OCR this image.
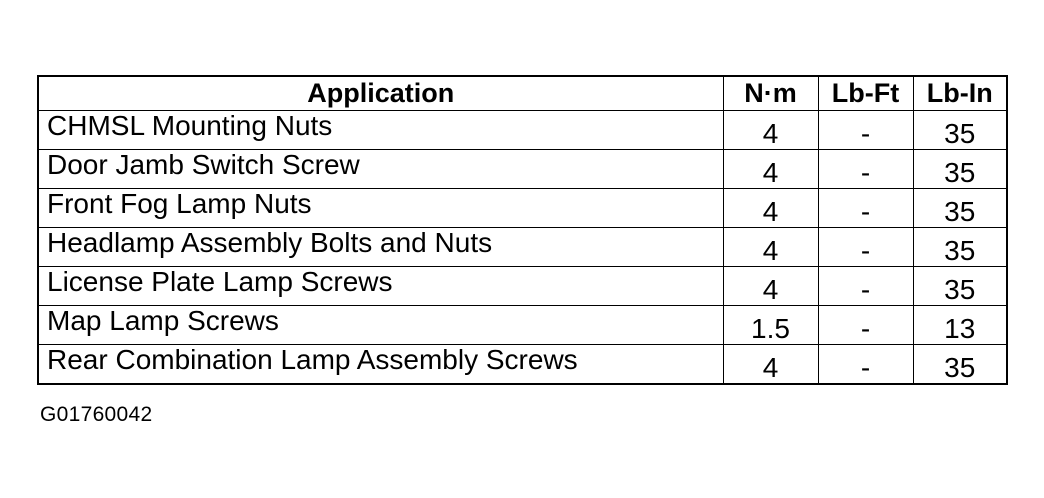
Application	N·m	Lb-Ft	Lb-In
CHMSL Mounting Nuts	4	-	35
Door Jamb Switch Screw	4	-	35
Front Fog Lamp Nuts	4	-	35
Headlamp Assembly Bolts and Nuts	4	-	35
License Plate Lamp Screws	4	-	35
Map Lamp Screws	1.5	-	13
Rear Combination Lamp Assembly Screws	4	-	35
G01760042
